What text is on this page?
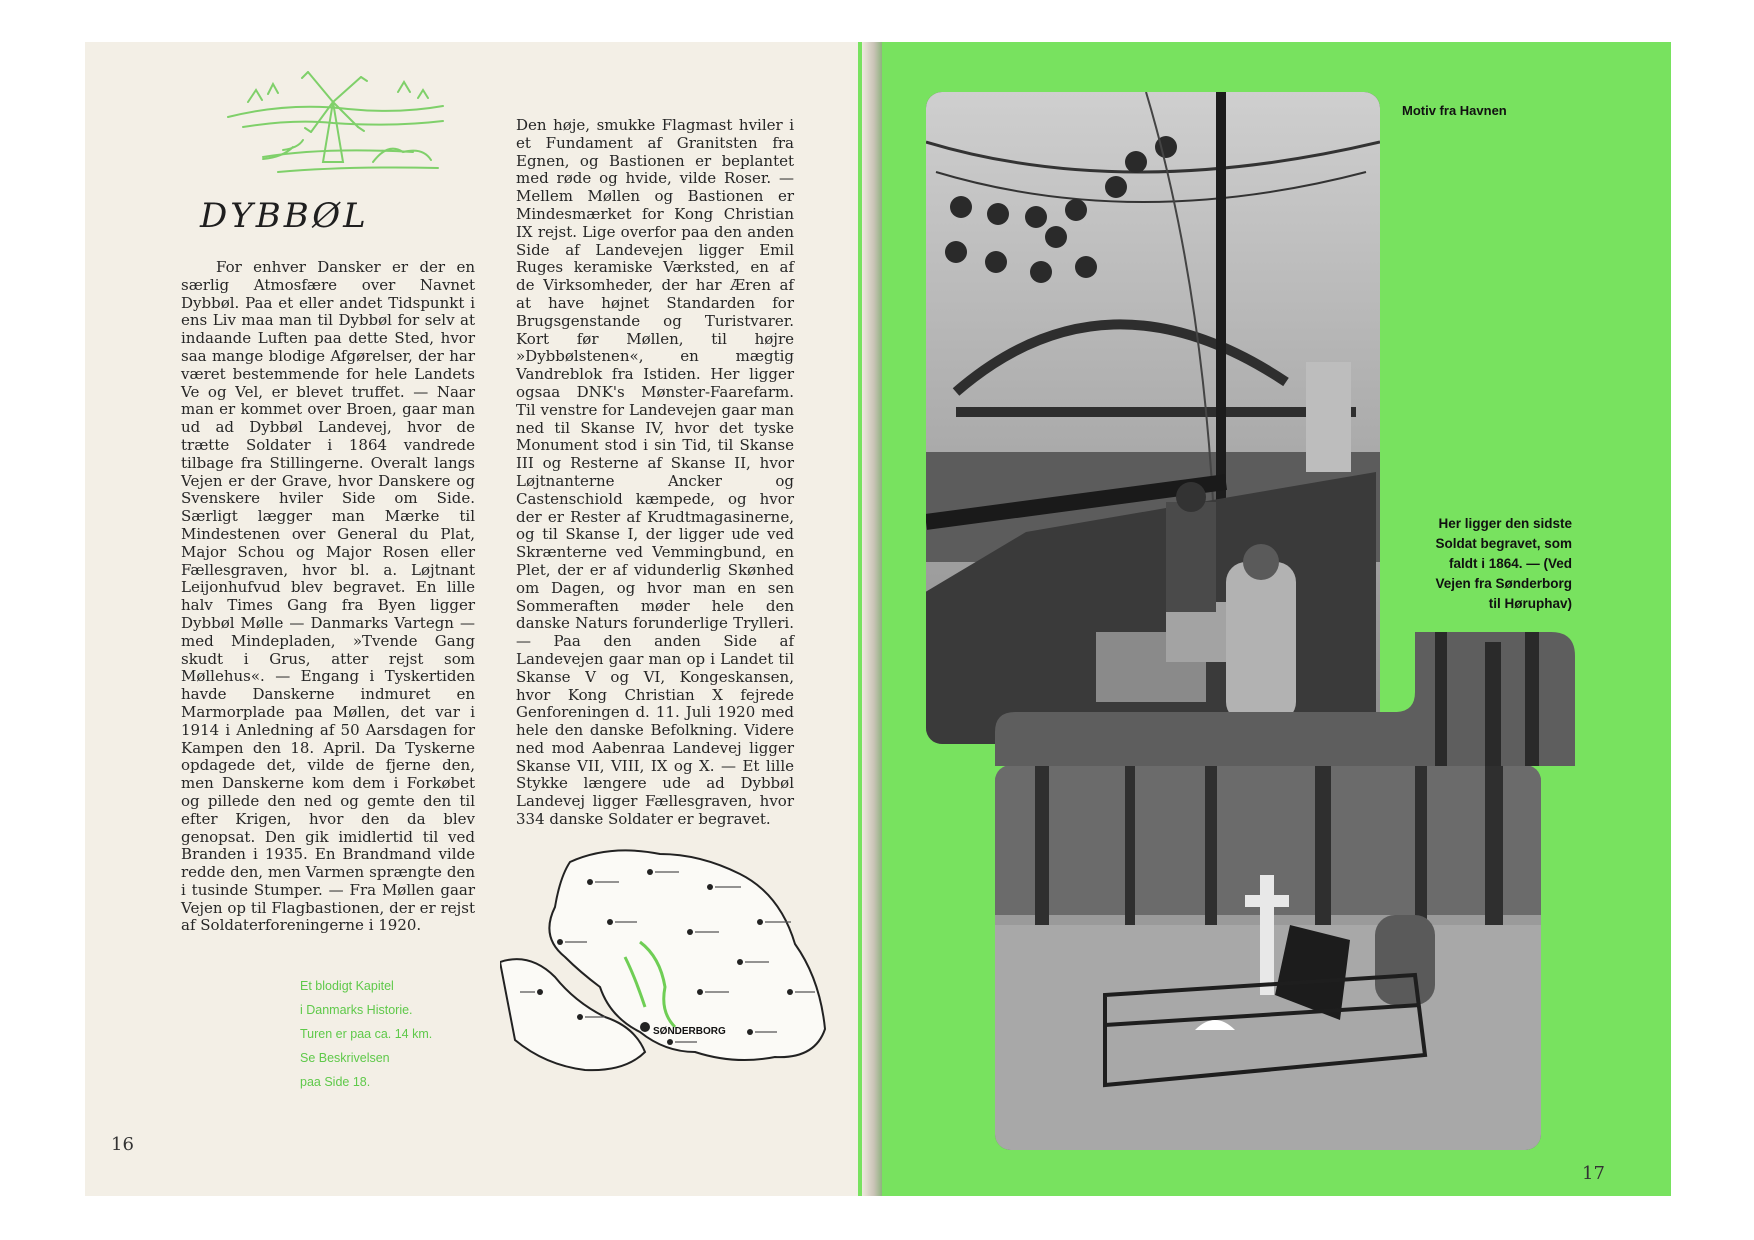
DYBBØL

For enhver Dansker er der en særlig Atmosfære over Navnet Dybbøl. Paa et eller andet Tidspunkt i ens Liv maa man til Dybbøl for selv at indaande Luften paa dette Sted, hvor saa mange blodige Afgørelser, der har været bestemmende for hele Landets Ve og Vel, er blevet truffet. — Naar man er kommet over Broen, gaar man ud ad Dybbøl Landevej, hvor de trætte Soldater i 1864 vandrede tilbage fra Stillingerne. Overalt langs Vejen er der Grave, hvor Danskere og Svenskere hviler Side om Side. Særligt lægger man Mærke til Mindestenen over General du Plat, Major Schou og Major Rosen eller Fællesgraven, hvor bl. a. Løjtnant Leijonhufvud blev begravet. En lille halv Times Gang fra Byen ligger Dybbøl Mølle — Danmarks Vartegn — med Mindepladen, »Tvende Gang skudt i Grus, atter rejst som Møllehus«. — Engang i Tyskertiden havde Danskerne indmuret en Marmorplade paa Møllen, det var i 1914 i Anledning af 50 Aarsdagen for Kampen den 18. April. Da Tyskerne opdagede det, vilde de fjerne den, men Danskerne kom dem i Forkøbet og pillede den ned og gemte den til efter Krigen, hvor den da blev genopsat. Den gik imidlertid til ved Branden i 1935. En Brandmand vilde redde den, men Varmen sprængte den i tusinde Stumper. — Fra Møllen gaar Vejen op til Flagbastionen, der er rejst af Soldaterforeningerne i 1920.

Den høje, smukke Flagmast hviler i et Fundament af Granitsten fra Egnen, og Bastionen er beplantet med røde og hvide, vilde Roser. — Mellem Møllen og Bastionen er Mindesmærket for Kong Christian IX rejst. Lige overfor paa den anden Side af Landevejen ligger Emil Ruges keramiske Værksted, en af de Virksomheder, der har Æren af at have højnet Standarden for Brugsgenstande og Turistvarer. Kort før Møllen, til højre »Dybbølstenen«, en mægtig Vandreblok fra Istiden. Her ligger ogsaa DNK's Mønster-Faarefarm. Til venstre for Landevejen gaar man ned til Skanse IV, hvor det tyske Monument stod i sin Tid, til Skanse III og Resterne af Skanse II, hvor Løjtnanterne Ancker og Castenschiold kæmpede, og hvor der er Rester af Krudtmagasinerne, og til Skanse I, der ligger ude ved Skrænterne ved Vemmingbund, en Plet, der er af vidunderlig Skønhed om Dagen, og hvor man en sen Sommeraften møder hele den danske Naturs forunderlige Trylleri. — Paa den anden Side af Landevejen gaar man op i Landet til Skanse V og VI, Kongeskansen, hvor Kong Christian X fejrede Genforeningen d. 11. Juli 1920 med hele den danske Befolkning. Videre ned mod Aabenraa Landevej ligger Skanse VII, VIII, IX og X. — Et lille Stykke længere ude ad Dybbøl Landevej ligger Fællesgraven, hvor 334 danske Soldater er begravet.

Et blodigt Kapitel
i Danmarks Historie.
Turen er paa ca. 14 km.
Se Beskrivelsen
paa Side 18.
SØNDERBORG
16
Motiv fra Havnen
Her ligger den sidste
Soldat begravet, som
faldt i 1864. — (Ved
Vejen fra Sønderborg
til Høruphav)
17
